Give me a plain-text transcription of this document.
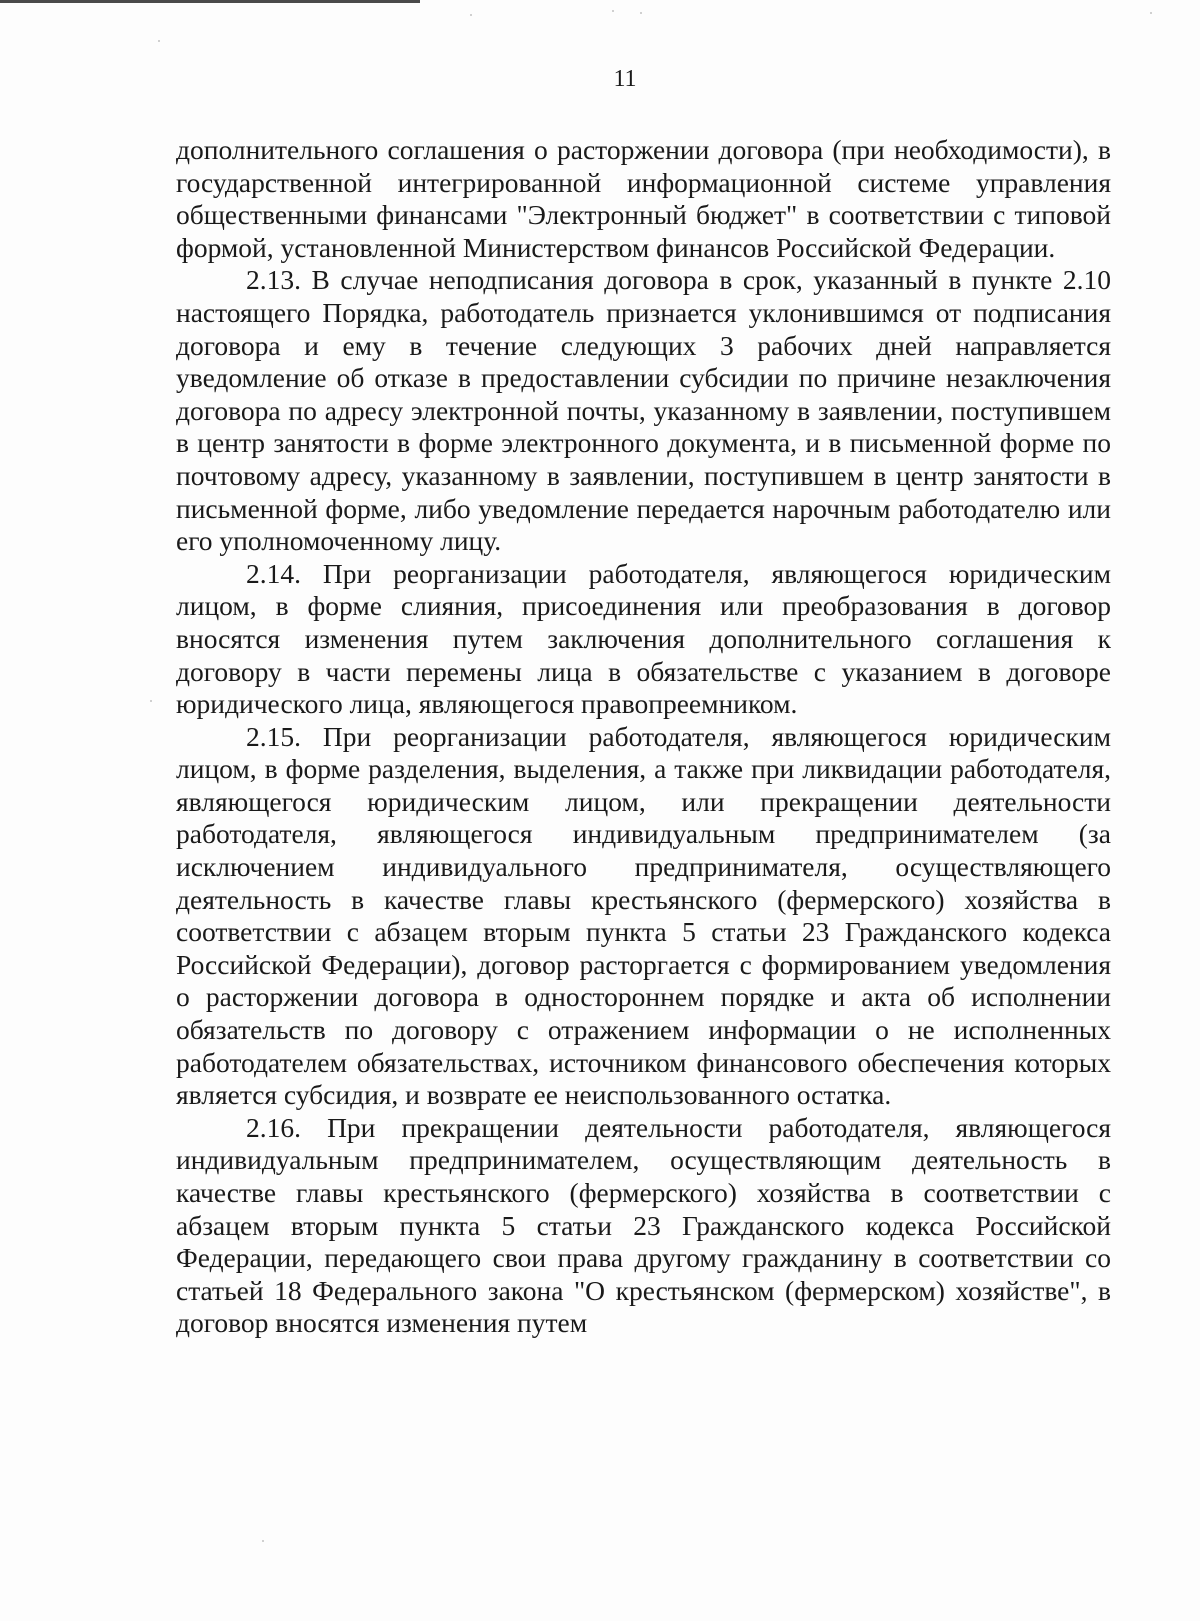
11

дополнительного соглашения о расторжении договора (при необходимости), в государственной интегрированной информационной системе управления общественными финансами "Электронный бюджет" в соответствии с типовой формой, установленной Министерством финансов Российской Федерации.

2.13. В случае неподписания договора в срок, указанный в пункте 2.10 настоящего Порядка, работодатель признается уклонившимся от подписания договора и ему в течение следующих 3 рабочих дней направляется уведомление об отказе в предоставлении субсидии по причине незаключения договора по адресу электронной почты, указанному в заявлении, поступившем в центр занятости в форме электронного документа, и в письменной форме по почтовому адресу, указанному в заявлении, поступившем в центр занятости в письменной форме, либо уведомление передается нарочным работодателю или его уполномоченному лицу.

2.14. При реорганизации работодателя, являющегося юридическим лицом, в форме слияния, присоединения или преобразования в договор вносятся изменения путем заключения дополнительного соглашения к договору в части перемены лица в обязательстве с указанием в договоре юридического лица, являющегося правопреемником.

2.15. При реорганизации работодателя, являющегося юридическим лицом, в форме разделения, выделения, а также при ликвидации работодателя, являющегося юридическим лицом, или прекращении деятельности работодателя, являющегося индивидуальным предпринимателем (за исключением индивидуального предпринимателя, осуществляющего деятельность в качестве главы крестьянского (фермерского) хозяйства в соответствии с абзацем вторым пункта 5 статьи 23 Гражданского кодекса Российской Федерации), договор расторгается с формированием уведомления о расторжении договора в одностороннем порядке и акта об исполнении обязательств по договору с отражением информации о не исполненных работодателем обязательствах, источником финансового обеспечения которых является субсидия, и возврате ее неиспользованного остатка.

2.16. При прекращении деятельности работодателя, являющегося индивидуальным предпринимателем, осуществляющим деятельность в качестве главы крестьянского (фермерского) хозяйства в соответствии с абзацем вторым пункта 5 статьи 23 Гражданского кодекса Российской Федерации, передающего свои права другому гражданину в соответствии со статьей 18 Федерального закона "О крестьянском (фермерском) хозяйстве", в договор вносятся изменения путем
